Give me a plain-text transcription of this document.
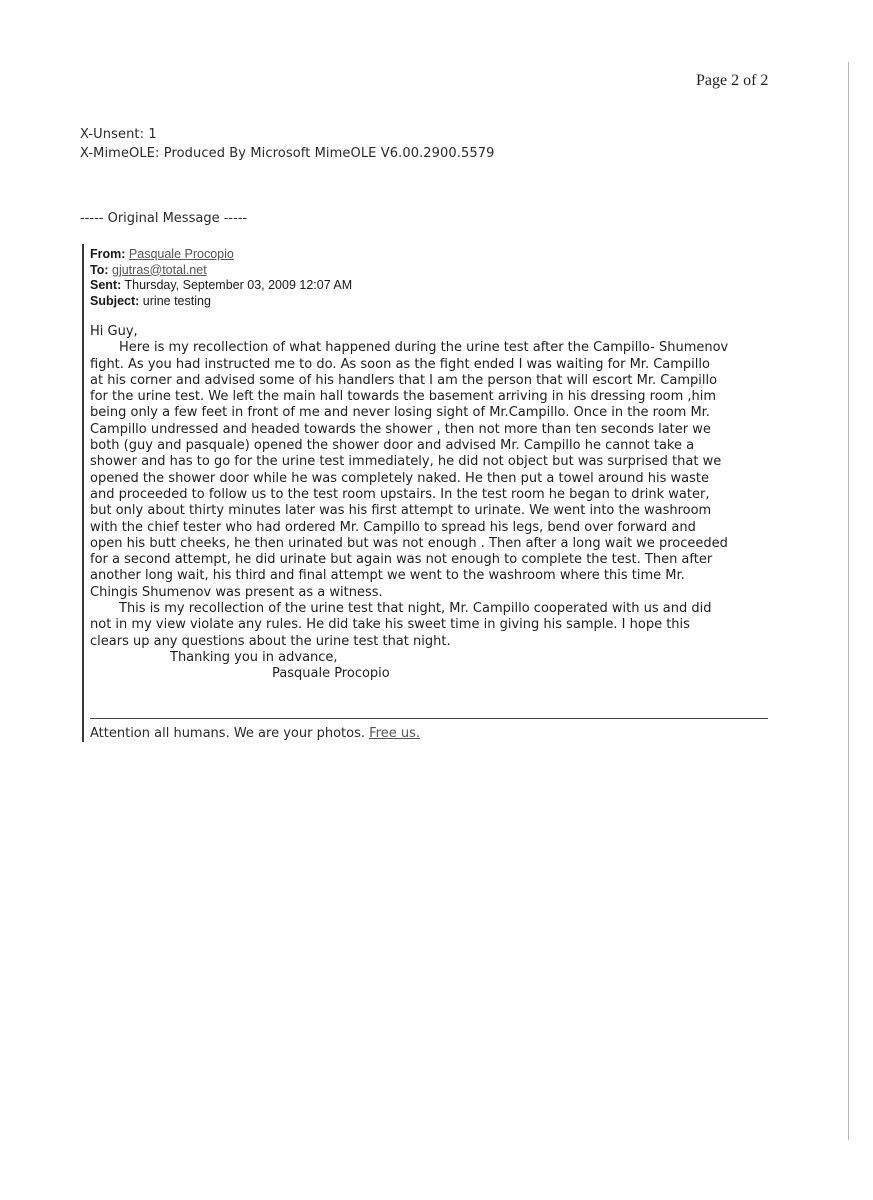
Page 2 of 2
X-Unsent: 1
X-MimeOLE: Produced By Microsoft MimeOLE V6.00.2900.5579
----- Original Message -----
From: Pasquale Procopio
To: gjutras@total.net
Sent: Thursday, September 03, 2009 12:07 AM
Subject: urine testing
Hi Guy,
Here is my recollection of what happened during the urine test after the Campillo- Shumenov
fight. As you had instructed me to do. As soon as the fight ended I was waiting for Mr. Campillo
at his corner and advised some of his handlers that I am the person that will escort Mr. Campillo
for the urine test. We left the main hall towards the basement arriving in his dressing room ,him
being only a few feet in front of me and never losing sight of Mr.Campillo. Once in the room Mr.
Campillo undressed and headed towards the shower , then not more than ten seconds later we
both (guy and pasquale) opened the shower door and advised Mr. Campillo he cannot take a
shower and has to go for the urine test immediately, he did not object but was surprised that we
opened the shower door while he was completely naked. He then put a towel around his waste
and proceeded to follow us to the test room upstairs. In the test room he began to drink water,
but only about thirty minutes later was his first attempt to urinate. We went into the washroom
with the chief tester who had ordered Mr. Campillo to spread his legs, bend over forward and
open his butt cheeks, he then urinated but was not enough . Then after a long wait we proceeded
for a second attempt, he did urinate but again was not enough to complete the test. Then after
another long wait, his third and final attempt we went to the washroom where this time Mr.
Chingis Shumenov was present as a witness.
This is my recollection of the urine test that night, Mr. Campillo cooperated with us and did
not in my view violate any rules. He did take his sweet time in giving his sample. I hope this
clears up any questions about the urine test that night.
Thanking you in advance,
Pasquale Procopio
Attention all humans. We are your photos. Free us.
